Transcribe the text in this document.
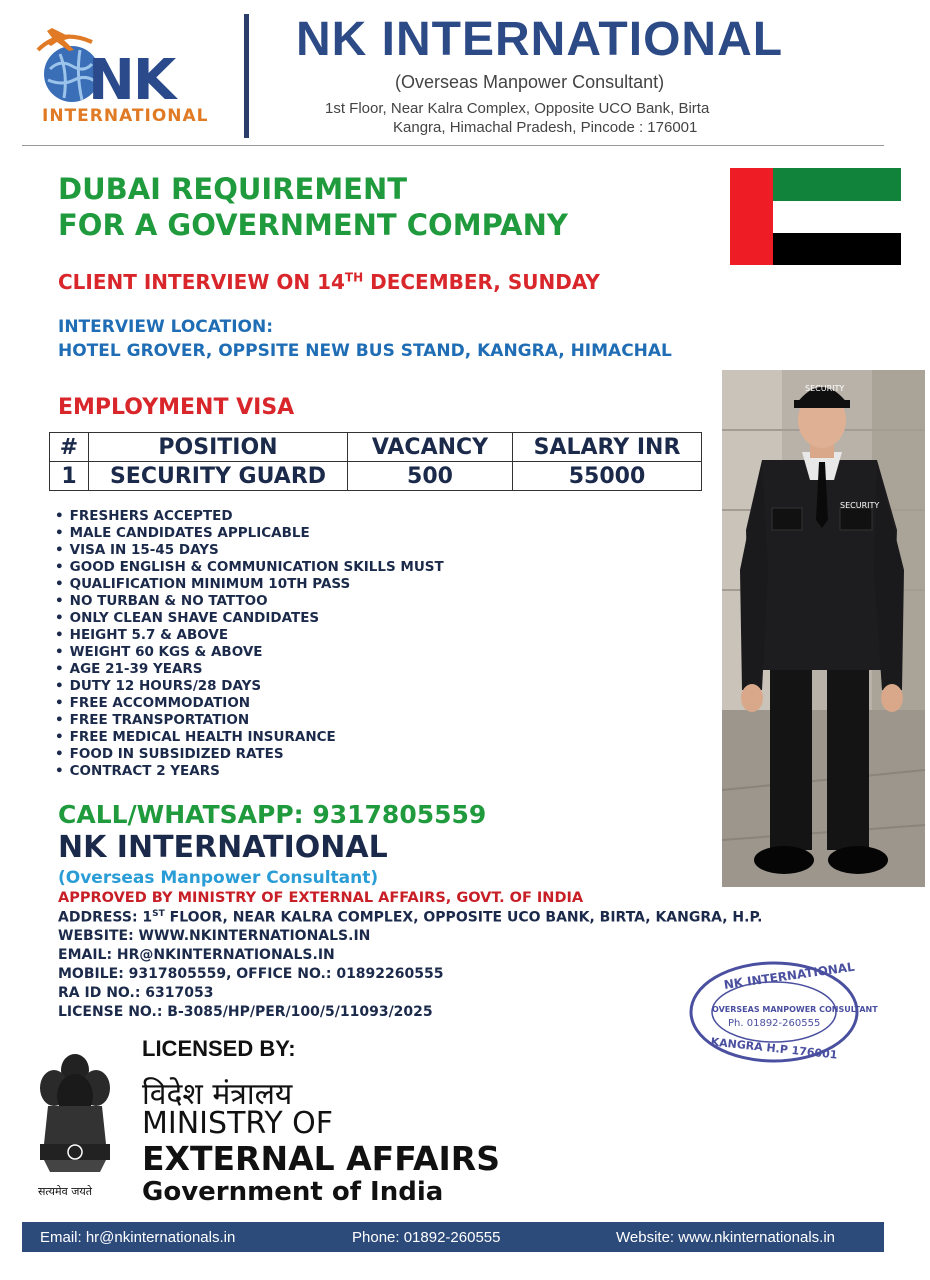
NK
INTERNATIONAL
NK INTERNATIONAL
(Overseas Manpower Consultant)
1st Floor, Near Kalra Complex, Opposite UCO Bank, Birta
Kangra, Himachal Pradesh, Pincode : 176001
DUBAI REQUIREMENT
FOR A GOVERNMENT COMPANY
CLIENT INTERVIEW ON 14TH DECEMBER, SUNDAY
INTERVIEW LOCATION:
HOTEL GROVER, OPPSITE NEW BUS STAND, KANGRA, HIMACHAL
EMPLOYMENT VISA
#	POSITION	VACANCY	SALARY INR
1	SECURITY GUARD	500	55000
• FRESHERS ACCEPTED
• MALE CANDIDATES APPLICABLE
• VISA IN 15-45 DAYS
• GOOD ENGLISH & COMMUNICATION SKILLS MUST
• QUALIFICATION MINIMUM 10TH PASS
• NO TURBAN & NO TATTOO
• ONLY CLEAN SHAVE CANDIDATES
• HEIGHT 5.7 & ABOVE
• WEIGHT 60 KGS & ABOVE
• AGE 21-39 YEARS
• DUTY 12 HOURS/28 DAYS
• FREE ACCOMMODATION
• FREE TRANSPORTATION
• FREE MEDICAL HEALTH INSURANCE
• FOOD IN SUBSIDIZED RATES
• CONTRACT 2 YEARS
SECURITY
SECURITY
CALL/WHATSAPP: 9317805559
NK INTERNATIONAL
(Overseas Manpower Consultant)
APPROVED BY MINISTRY OF EXTERNAL AFFAIRS, GOVT. OF INDIA
ADDRESS: 1ST FLOOR, NEAR KALRA COMPLEX, OPPOSITE UCO BANK, BIRTA, KANGRA, H.P.
WEBSITE: WWW.NKINTERNATIONALS.IN
EMAIL: HR@NKINTERNATIONALS.IN
MOBILE: 9317805559, OFFICE NO.: 01892260555
RA ID NO.: 6317053
LICENSE NO.: B-3085/HP/PER/100/5/11093/2025
NK INTERNATIONAL
OVERSEAS MANPOWER CONSULTANT
Ph. 01892-260555
KANGRA H.P 176001
LICENSED BY:
सत्यमेव जयते
विदेश मंत्रालय
MINISTRY OF
EXTERNAL AFFAIRS
Government of India
Email: hr@nkinternationals.in	Phone: 01892-260555	Website: www.nkinternationals.in
